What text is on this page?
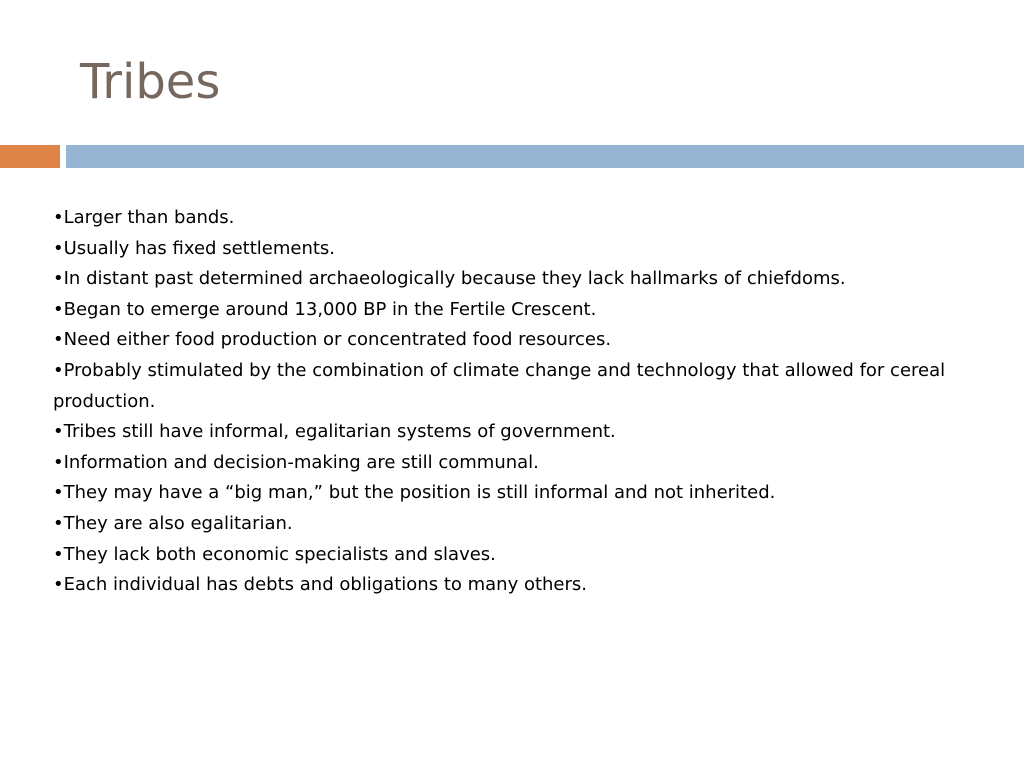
Tribes
•Larger than bands.
•Usually has fixed settlements.
•In distant past determined archaeologically because they lack hallmarks of chiefdoms.
•Began to emerge around 13,000 BP in the Fertile Crescent.
•Need either food production or concentrated food resources.
•Probably stimulated by the combination of climate change and technology that allowed for cereal production.
•Tribes still have informal, egalitarian systems of government.
•Information and decision-making are still communal.
•They may have a “big man,” but the position is still informal and not inherited.
•They are also egalitarian.
•They lack both economic specialists and slaves.
•Each individual has debts and obligations to many others.
